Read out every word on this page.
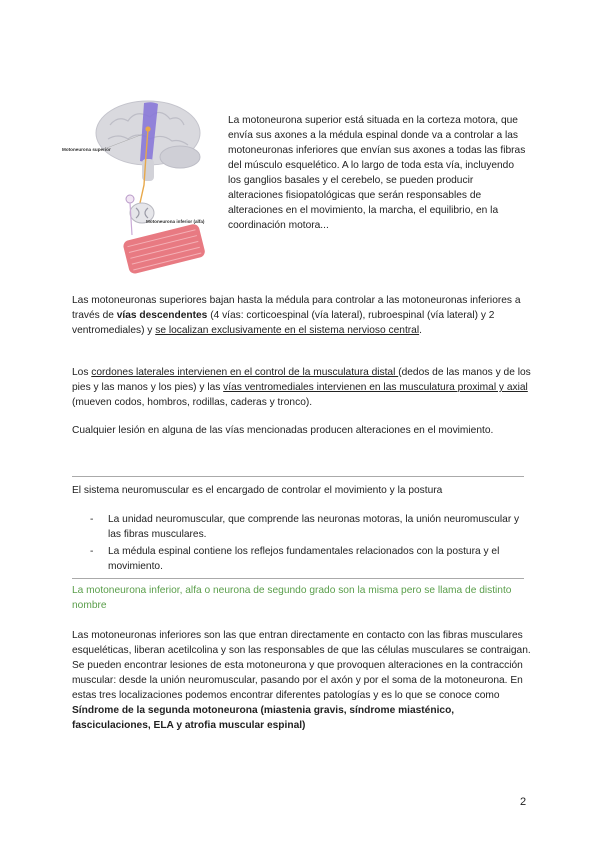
Motoneurona superior
Motoneurona inferior (alfa)

La motoneurona superior está situada en la corteza motora, que envía sus axones a la médula espinal donde va a controlar a las motoneuronas inferiores que envían sus axones a todas las fibras del músculo esquelético. A lo largo de toda esta vía, incluyendo los ganglios basales y el cerebelo, se pueden producir alteraciones fisiopatológicas que serán responsables de alteraciones en el movimiento, la marcha, el equilibrio, en la coordinación motora...

Las motoneuronas superiores bajan hasta la médula para controlar a las motoneuronas inferiores a través de vías descendentes (4 vías: corticoespinal (vía lateral), rubroespinal (vía lateral) y 2 ventromediales) y se localizan exclusivamente en el sistema nervioso central.

Los cordones laterales intervienen en el control de la musculatura distal (dedos de las manos y de los pies y las manos y los pies) y las vías ventromediales intervienen en las musculatura proximal y axial (mueven codos, hombros, rodillas, caderas y tronco).

Cualquier lesión en alguna de las vías mencionadas producen alteraciones en el movimiento.

El sistema neuromuscular es el encargado de controlar el movimiento y la postura

- La unidad neuromuscular, que comprende las neuronas motoras, la unión neuromuscular y las fibras musculares.
- La médula espinal contiene los reflejos fundamentales relacionados con la postura y el movimiento.

La motoneurona inferior, alfa o neurona de segundo grado son la misma pero se llama de distinto nombre

Las motoneuronas inferiores son las que entran directamente en contacto con las fibras musculares esqueléticas, liberan acetilcolina y son las responsables de que las células musculares se contraigan. Se pueden encontrar lesiones de esta motoneurona y que provoquen alteraciones en la contracción muscular: desde la unión neuromuscular, pasando por el axón y por el soma de la motoneurona. En estas tres localizaciones podemos encontrar diferentes patologías y es lo que se conoce como Síndrome de la segunda motoneurona (miastenia gravis, síndrome miasténico, fasciculaciones, ELA y atrofia muscular espinal)

2
